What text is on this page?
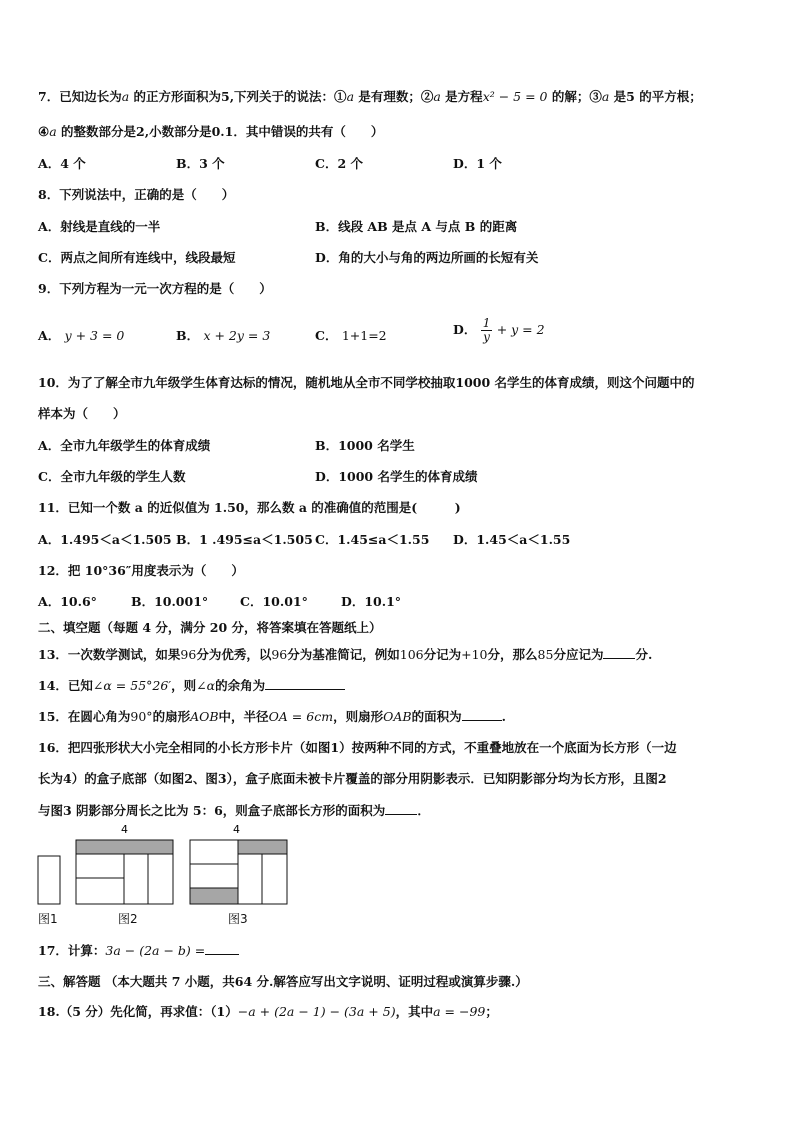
7．已知边长为a 的正方形面积为5,下列关于的说法：①a 是有理数；②a 是方程x² − 5 = 0 的解；③a 是5 的平方根；
④a 的整数部分是2,小数部分是0.1．其中错误的共有（　　）
A．4 个	B．3 个	C．2 个	D．1 个
8．下列说法中，正确的是（　　）
A．射线是直线的一半	B．线段 AB 是点 A 与点 B 的距离
C．两点之间所有连线中，线段最短	D．角的大小与角的两边所画的长短有关
9．下列方程为一元一次方程的是（　　）
A． y + 3 = 0	B． x + 2y = 3	C． 1+1=2	D． $\frac{1}{y} + y = 2$
10．为了了解全市九年级学生体育达标的情况，随机地从全市不同学校抽取1000 名学生的体育成绩，则这个问题中的
样本为（　　）
A．全市九年级学生的体育成绩	B．1000 名学生
C．全市九年级的学生人数	D．1000 名学生的体育成绩
11．已知一个数 a 的近似值为 1.50，那么数 a 的准确值的范围是(　　　)
A．1.495＜a＜1.505 B．1 .495≤a＜1.505 C．1.45≤a＜1.55 D．1.45＜a＜1.55
12．把 10°36″用度表示为（　　）
A．10.6°	B．10.001°	C．10.01°	D．10.1°
二、填空题（每题 4 分，满分 20 分，将答案填在答题纸上）
13．一次数学测试，如果96分为优秀，以96分为基准简记，例如106分记为+10分，那么85分应记为	分.
14．已知∠α = 55°26′，则∠α的余角为
15．在圆心角为90°的扇形AOB中，半径OA = 6cm，则扇形OAB的面积为	.
16．把四张形状大小完全相同的小长方形卡片（如图1）按两种不同的方式，不重叠地放在一个底面为长方形（一边
长为4）的盒子底部（如图2、图3），盒子底面未被卡片覆盖的部分用阴影表示．已知阴影部分均为长方形，且图2
与图3 阴影部分周长之比为 5：6，则盒子底部长方形的面积为	．
4	4
图1	图2	图3
17．计算：3a − (2a − b) =
三、解答题 （本大题共 7 小题，共64 分.解答应写出文字说明、证明过程或演算步骤.）
18.（5 分）先化简，再求值：（1）−a + (2a − 1) − (3a + 5)，其中a = −99；
